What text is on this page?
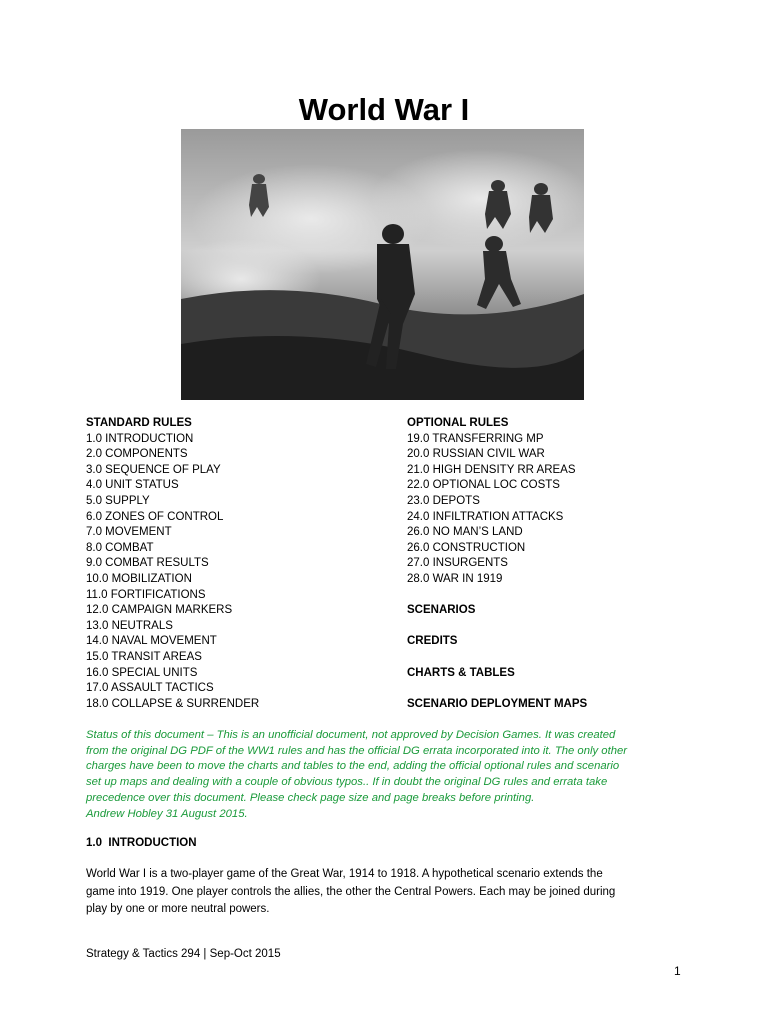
World War I
STANDARD RULES
1.0 INTRODUCTION
2.0 COMPONENTS
3.0 SEQUENCE OF PLAY
4.0 UNIT STATUS
5.0 SUPPLY
6.0 ZONES OF CONTROL
7.0 MOVEMENT
8.0 COMBAT
9.0 COMBAT RESULTS
10.0 MOBILIZATION
11.0 FORTIFICATIONS
12.0 CAMPAIGN MARKERS
13.0 NEUTRALS
14.0 NAVAL MOVEMENT
15.0 TRANSIT AREAS
16.0 SPECIAL UNITS
17.0 ASSAULT TACTICS
18.0 COLLAPSE & SURRENDER
OPTIONAL RULES
19.0 TRANSFERRING MP
20.0 RUSSIAN CIVIL WAR
21.0 HIGH DENSITY RR AREAS
22.0 OPTIONAL LOC COSTS
23.0 DEPOTS
24.0 INFILTRATION ATTACKS
26.0 NO MAN’S LAND
26.0 CONSTRUCTION
27.0 INSURGENTS
28.0 WAR IN 1919
SCENARIOS
CREDITS
CHARTS & TABLES
SCENARIO DEPLOYMENT MAPS
Status of this document – This is an unofficial document, not approved by Decision Games. It was created
from the original DG PDF of the WW1 rules and has the official DG errata incorporated into it. The only other
charges have been to move the charts and tables to the end, adding the official optional rules and scenario
set up maps and dealing with a couple of obvious typos.. If in doubt the original DG rules and errata take
precedence over this document. Please check page size and page breaks before printing.
Andrew Hobley 31 August 2015.
1.0  INTRODUCTION
World War I is a two-player game of the Great War, 1914 to 1918. A hypothetical scenario extends the
game into 1919. One player controls the allies, the other the Central Powers. Each may be joined during
play by one or more neutral powers.
Strategy & Tactics 294 | Sep-Oct 2015
1
